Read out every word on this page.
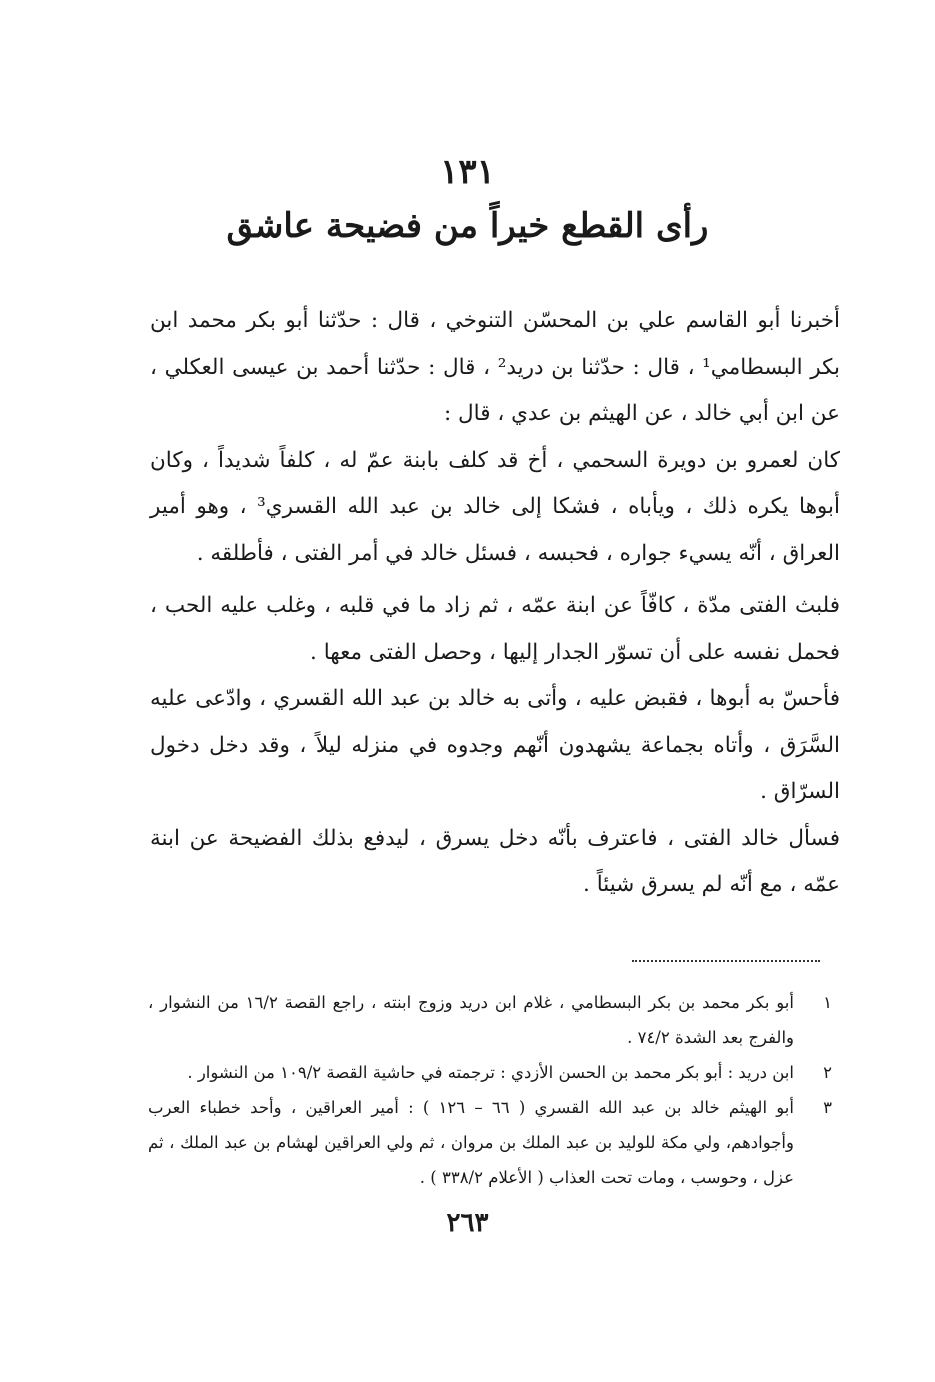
١٣١
رأى القطع خيراً من فضيحة عاشق

أخبرنا أبو القاسم علي بن المحسّن التنوخي ، قال : حدّثنا أبو بكر محمد ابن بكر البسطامي¹ ، قال : حدّثنا بن دريد² ، قال : حدّثنا أحمد بن عيسى العكلي ، عن ابن أبي خالد ، عن الهيثم بن عدي ، قال :

كان لعمرو بن دويرة السحمي ، أخ قد كلف بابنة عمّ له ، كلفاً شديداً ، وكان أبوها يكره ذلك ، ويأباه ، فشكا إلى خالد بن عبد الله القسري³ ، وهو أمير العراق ، أنّه يسيء جواره ، فحبسه ، فسئل خالد في أمر الفتى ، فأطلقه .

فلبث الفتى مدّة ، كافّاً عن ابنة عمّه ، ثم زاد ما في قلبه ، وغلب عليه الحب ، فحمل نفسه على أن تسوّر الجدار إليها ، وحصل الفتى معها .

فأحسّ به أبوها ، فقبض عليه ، وأتى به خالد بن عبد الله القسري ، وادّعى عليه السَّرَق ، وأتاه بجماعة يشهدون أنّهم وجدوه في منزله ليلاً ، وقد دخل دخول السرّاق .

فسأل خالد الفتى ، فاعترف بأنّه دخل يسرق ، ليدفع بذلك الفضيحة عن ابنة عمّه ، مع أنّه لم يسرق شيئاً .

١
أبو بكر محمد بن بكر البسطامي ، غلام ابن دريد وزوج ابنته ، راجع القصة ١٦/٢ من النشوار ، والفرج بعد الشدة ٧٤/٢ .
٢
ابن دريد : أبو بكر محمد بن الحسن الأزدي : ترجمته في حاشية القصة ١٠٩/٢ من النشوار .
٣
أبو الهيثم خالد بن عبد الله القسري ( ٦٦ – ١٢٦ ) : أمير العراقين ، وأحد خطباء العرب وأجوادهم، ولي مكة للوليد بن عبد الملك بن مروان ، ثم ولي العراقين لهشام بن عبد الملك ، ثم عزل ، وحوسب ، ومات تحت العذاب ( الأعلام ٣٣٨/٢ ) .
٢٦٣
